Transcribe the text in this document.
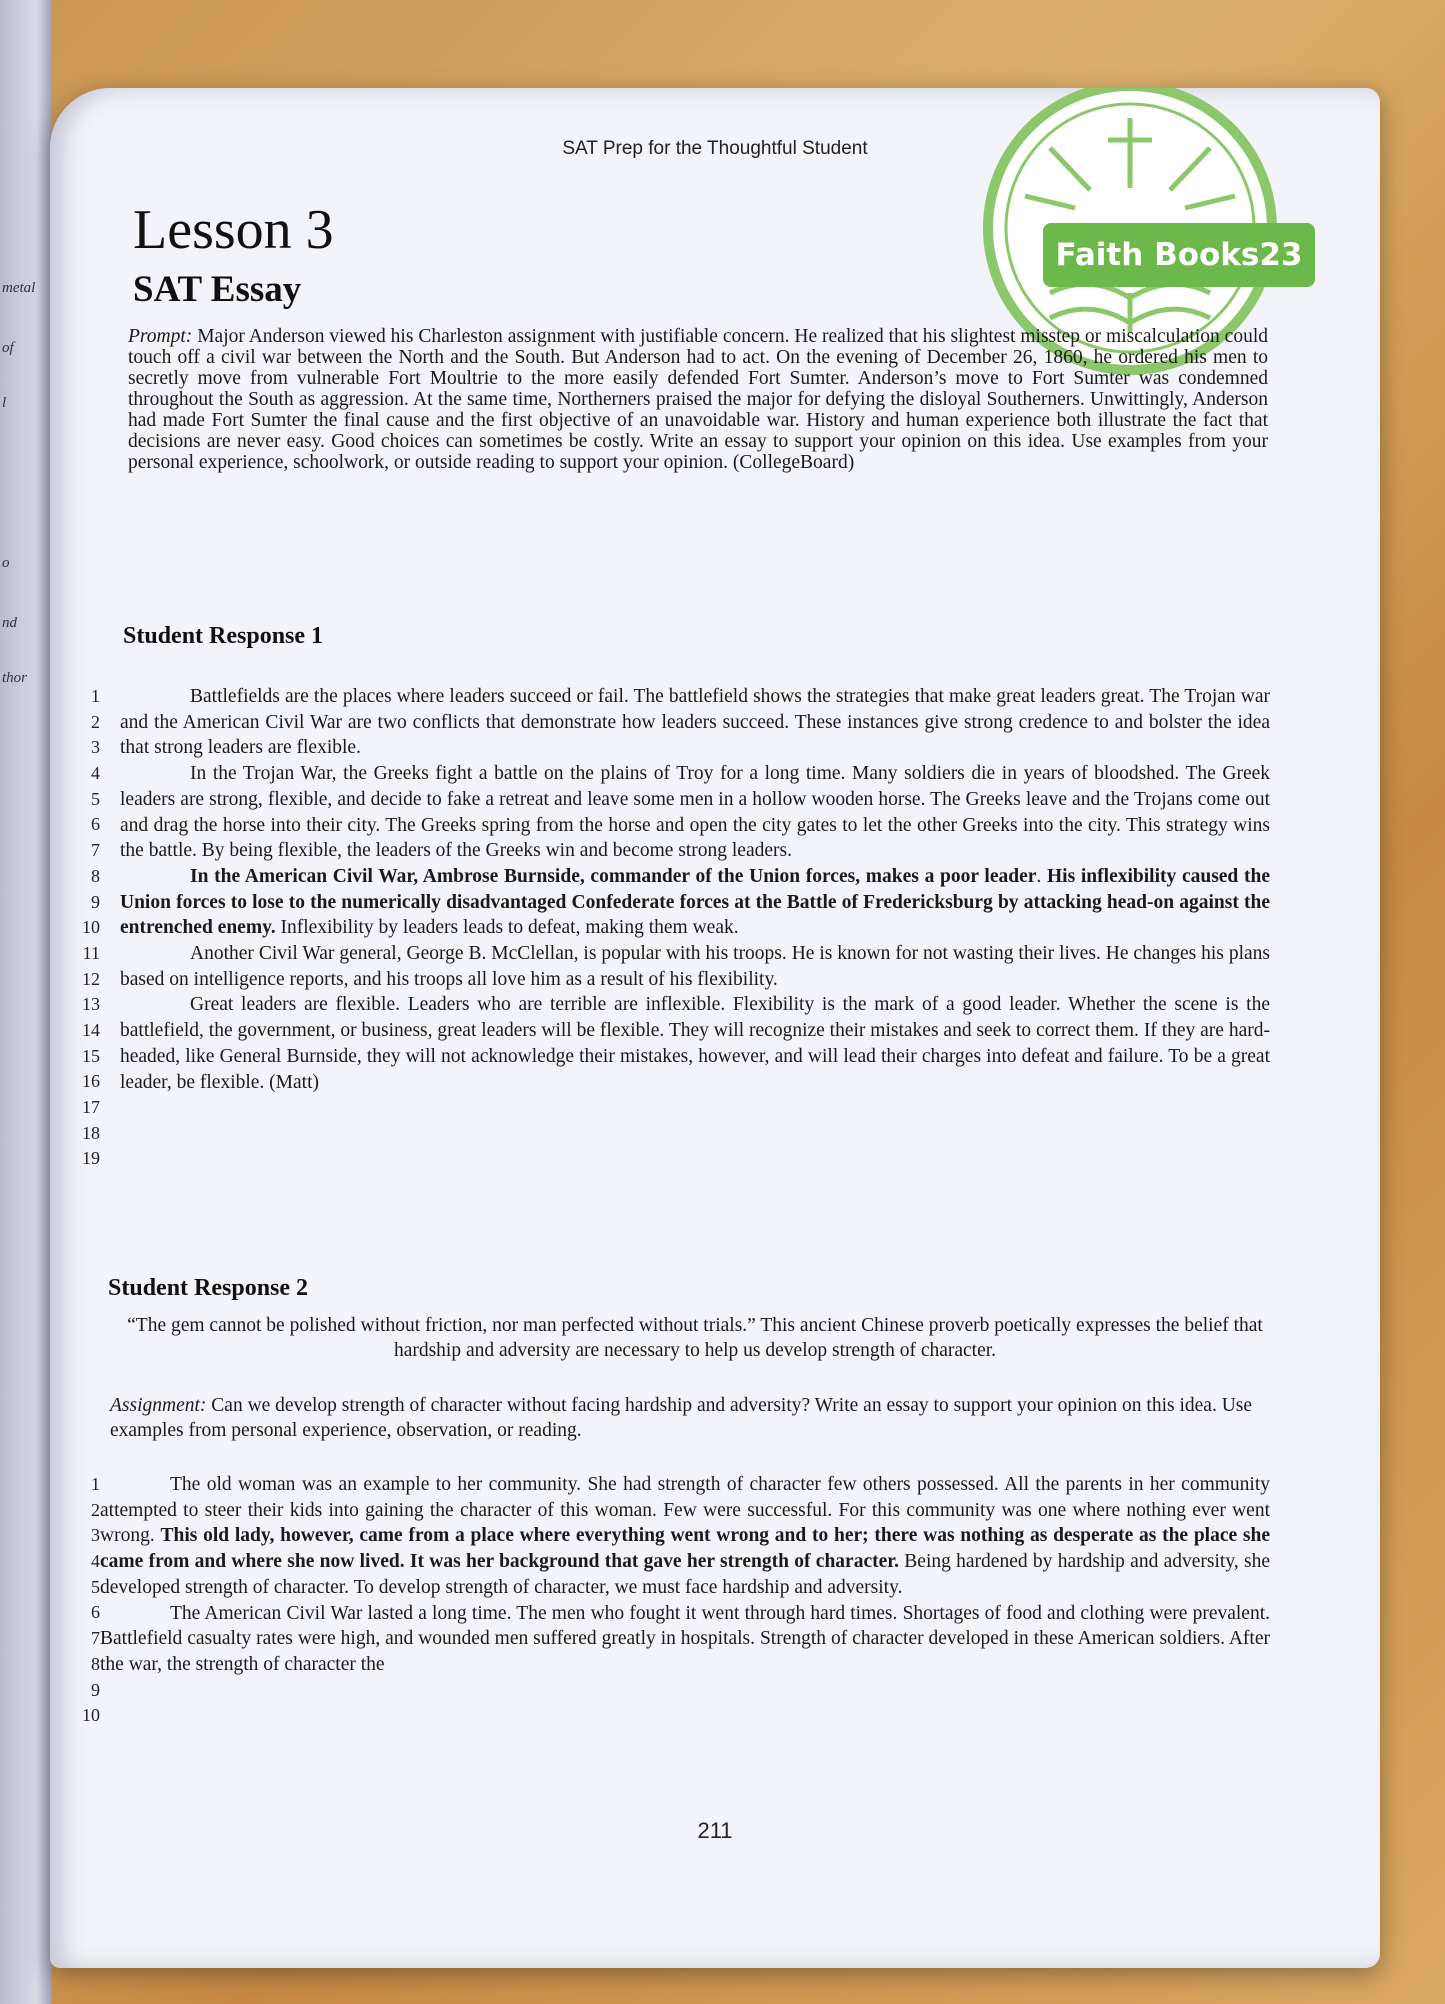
metal
of
l
o
nd
thor
SAT Prep for the Thoughtful Student
Faith Books23
Lesson 3
SAT Essay
Prompt: Major Anderson viewed his Charleston assignment with justifiable concern. He realized that his slightest misstep or miscalculation could touch off a civil war between the North and the South. But Anderson had to act. On the evening of December 26, 1860, he ordered his men to secretly move from vulnerable Fort Moultrie to the more easily defended Fort Sumter. Anderson’s move to Fort Sumter was condemned throughout the South as aggression. At the same time, Northerners praised the major for defying the disloyal Southerners. Unwittingly, Anderson had made Fort Sumter the final cause and the first objective of an unavoidable war. History and human experience both illustrate the fact that decisions are never easy. Good choices can sometimes be costly. Write an essay to support your opinion on this idea. Use examples from your personal experience, schoolwork, or outside reading to support your opinion. (CollegeBoard)
Student Response 1
1
2
3
4
5
6
7
8
9
10
11
12
13
14
15
16
17
18
19

Battlefields are the places where leaders succeed or fail. The battlefield shows the strategies that make great leaders great. The Trojan war and the American Civil War are two conflicts that demonstrate how leaders succeed. These instances give strong credence to and bolster the idea that strong leaders are flexible.

In the Trojan War, the Greeks fight a battle on the plains of Troy for a long time. Many soldiers die in years of bloodshed. The Greek leaders are strong, flexible, and decide to fake a retreat and leave some men in a hollow wooden horse. The Greeks leave and the Trojans come out and drag the horse into their city. The Greeks spring from the horse and open the city gates to let the other Greeks into the city. This strategy wins the battle. By being flexible, the leaders of the Greeks win and become strong leaders.

In the American Civil War, Ambrose Burnside, commander of the Union forces, makes a poor leader. His inflexibility caused the Union forces to lose to the numerically disadvantaged Confederate forces at the Battle of Fredericksburg by attacking head-on against the entrenched enemy. Inflexibility by leaders leads to defeat, making them weak.

Another Civil War general, George B. McClellan, is popular with his troops. He is known for not wasting their lives. He changes his plans based on intelligence reports, and his troops all love him as a result of his flexibility.

Great leaders are flexible. Leaders who are terrible are inflexible. Flexibility is the mark of a good leader. Whether the scene is the battlefield, the government, or business, great leaders will be flexible. They will recognize their mistakes and seek to correct them. If they are hard-headed, like General Burnside, they will not acknowledge their mistakes, however, and will lead their charges into defeat and failure. To be a great leader, be flexible. (Matt)

Student Response 2
“The gem cannot be polished without friction, nor man perfected without trials.” This ancient Chinese proverb poetically expresses the belief that hardship and adversity are necessary to help us develop strength of character.
Assignment: Can we develop strength of character without facing hardship and adversity? Write an essay to support your opinion on this idea. Use examples from personal experience, observation, or reading.
1
2
3
4
5
6
7
8
9
10

The old woman was an example to her community. She had strength of character few others possessed. All the parents in her community attempted to steer their kids into gaining the character of this woman. Few were successful. For this community was one where nothing ever went wrong. This old lady, however, came from a place where everything went wrong and to her; there was nothing as desperate as the place she came from and where she now lived. It was her background that gave her strength of character. Being hardened by hardship and adversity, she developed strength of character. To develop strength of character, we must face hardship and adversity.

The American Civil War lasted a long time. The men who fought it went through hard times. Shortages of food and clothing were prevalent. Battlefield casualty rates were high, and wounded men suffered greatly in hospitals. Strength of character developed in these American soldiers. After the war, the strength of character the

211
